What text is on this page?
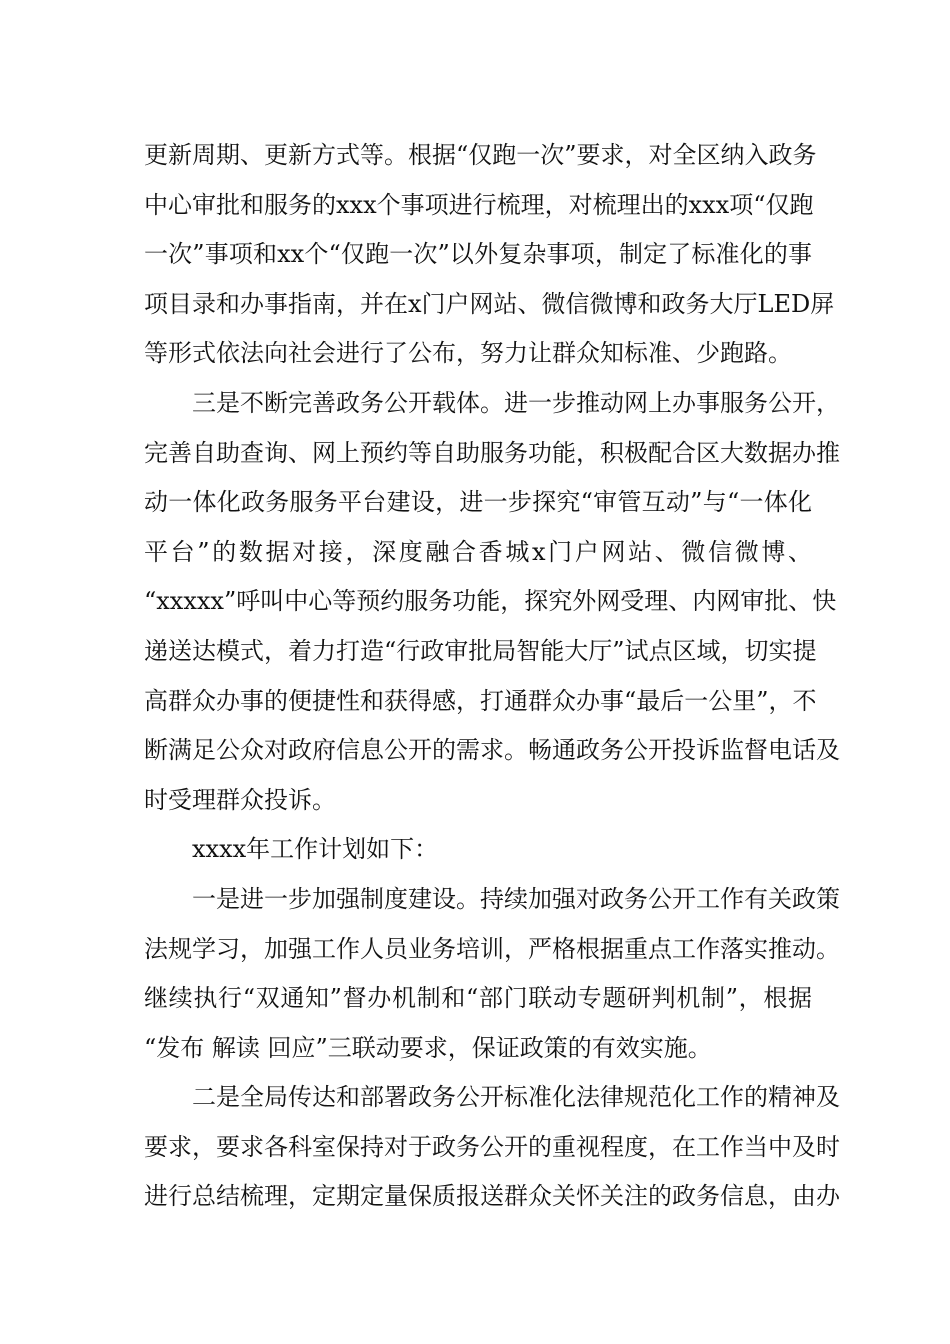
更新周期、更新方式等。根据“仅跑一次”要求，对全区纳入政务
中心审批和服务的xxx个事项进行梳理，对梳理出的xxx项“仅跑
一次”事项和xx个“仅跑一次”以外复杂事项，制定了标准化的事
项目录和办事指南，并在x门户网站、微信微博和政务大厅LED屏
等形式依法向社会进行了公布，努力让群众知标准、少跑路。
三是不断完善政务公开载体。进一步推动网上办事服务公开，
完善自助查询、网上预约等自助服务功能，积极配合区大数据办推
动一体化政务服务平台建设，进一步探究“审管互动”与“一体化
平台”的数据对接，深度融合香城x门户网站、微信微博、
“xxxxx”呼叫中心等预约服务功能，探究外网受理、内网审批、快
递送达模式，着力打造“行政审批局智能大厅”试点区域，切实提
高群众办事的便捷性和获得感，打通群众办事“最后一公里”，不
断满足公众对政府信息公开的需求。畅通政务公开投诉监督电话及
时受理群众投诉。
xxxx年工作计划如下：
一是进一步加强制度建设。持续加强对政务公开工作有关政策
法规学习，加强工作人员业务培训，严格根据重点工作落实推动。
继续执行“双通知”督办机制和“部门联动专题研判机制”，根据
“发布 解读 回应”三联动要求，保证政策的有效实施。
二是全局传达和部署政务公开标准化法律规范化工作的精神及
要求，要求各科室保持对于政务公开的重视程度，在工作当中及时
进行总结梳理，定期定量保质报送群众关怀关注的政务信息，由办
